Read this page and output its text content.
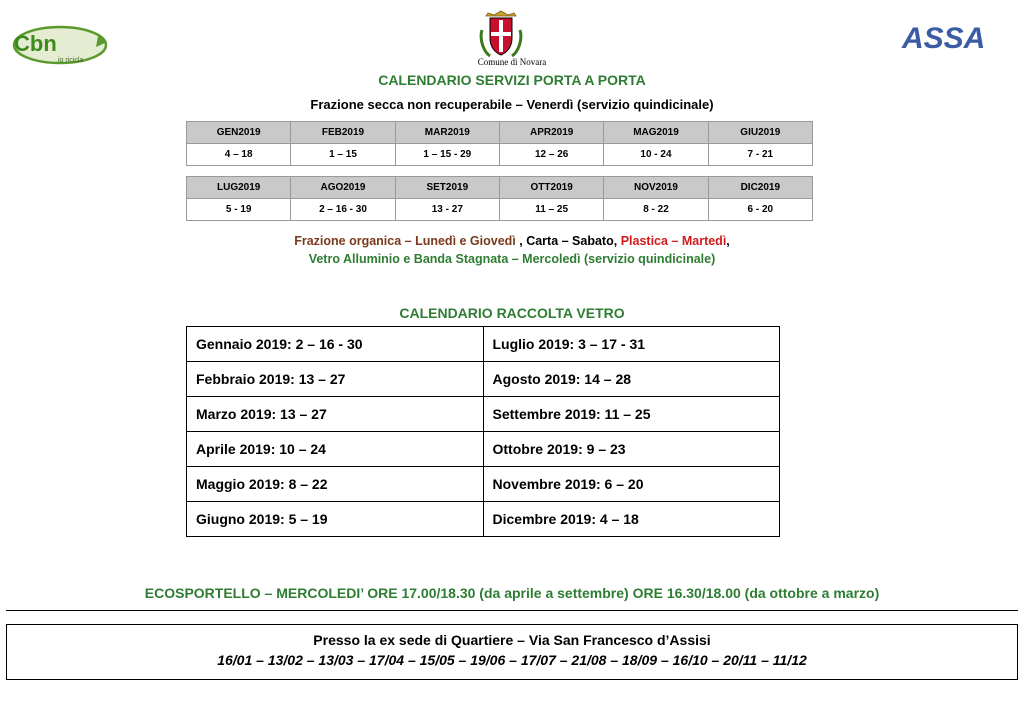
Cbn
io ricicla	Comune di Novara
ASSA
CALENDARIO SERVIZI PORTA A PORTA
Frazione secca non recuperabile – Venerdì (servizio quindicinale)
GEN2019	FEB2019	MAR2019	APR2019	MAG2019	GIU2019
4 – 18	1 – 15	1 – 15 - 29	12 – 26	10 - 24	7 - 21
LUG2019	AGO2019	SET2019	OTT2019	NOV2019	DIC2019
5 - 19	2 – 16 - 30	13 - 27	11 – 25	8 - 22	6 - 20
Frazione organica – Lunedì e Giovedì , Carta – Sabato, Plastica – Martedì,
Vetro Alluminio e Banda Stagnata – Mercoledì (servizio quindicinale)
CALENDARIO RACCOLTA VETRO
Gennaio 2019: 2 – 16 - 30	Luglio 2019: 3 – 17 - 31
Febbraio 2019: 13 – 27	Agosto 2019: 14 – 28
Marzo 2019: 13 – 27	Settembre 2019: 11 – 25
Aprile 2019: 10 – 24	Ottobre 2019: 9 – 23
Maggio 2019: 8 – 22	Novembre 2019: 6 – 20
Giugno 2019: 5 – 19	Dicembre 2019: 4 – 18
ECOSPORTELLO – MERCOLEDI’ ORE 17.00/18.30 (da aprile a settembre) ORE 16.30/18.00 (da ottobre a marzo)
Presso la ex sede di Quartiere – Via San Francesco d’Assisi
16/01 – 13/02 – 13/03 – 17/04 – 15/05 – 19/06 – 17/07 – 21/08 – 18/09 – 16/10 – 20/11 – 11/12
